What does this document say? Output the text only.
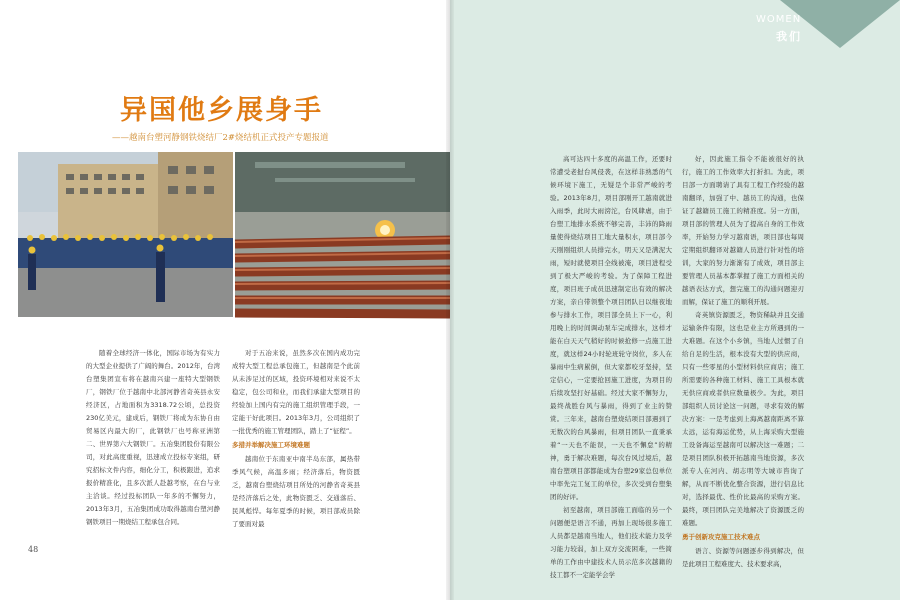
异国他乡展身手
——越南台塑河静钢铁烧结厂2#烧结机正式投产专题报道

随着全球经济一体化，国际市场为有实力的大型企业提供了广阔的舞台。2012年，台湾台塑集团宣布将在越南兴建一座特大型钢铁厂，钢铁厂位于越南中北部河静省奇英县永安经济区，占地面积为3318.72公顷，总投资230亿美元，建成后，钢铁厂将成为东协自由贸易区内最大的厂，此钢铁厂也号称亚洲第二、世界第六大钢铁厂。五冶集团股份有限公司，对此高度重视，迅速成立投标专案组，研究招标文件内容，细化分工，积极跟进，追求报价精准化，且多次派人赴越考察，在台与业主洽谈。经过投标团队一年多的不懈努力，2013年3月，五冶集团成功取得越南台塑河静钢铁项目一期烧结工程承包合同。

对于五冶来说，虽然多次在国内成功完成特大型工程总承包施工，但越南是个此前从未涉足过的区域，投资环境相对来说不太稳定，包公司和业，而我们承建大型项目的经验加上国内有完的施工组织管理手段，一定能干好此项目。2013年3月，公司组织了一批优秀的施工管理团队，踏上了“征程”。

多措并举解决施工环境难题

越南位于东南亚中南半岛东部，属热带季风气候，高温多雨；经济落后，物资匮乏，越南台塑烧结项目所处的河静省奇英县是经济落后之处，此物资匮乏、交通落后、民风彪悍。每年夏季的时候，项目部成员除了要面对最

48

高可达四十多度的高温工作，还要时常遭受老挝台风侵袭，在这样非熟悉的气候环境下施工，无疑是个非常严峻的考验。2013年8月，项目部刚开工越南就进入雨季，此时大雨滂沱，台风肆虐，由于台塑工地排水系统不够完善，丰沛的降雨量使得烧结项目工地大量积水，项目部今天刚刚组织人员排完水，明天又是满泥大雨，短时就使项目全线被淹，项目进程受到了极大严峻的考验。为了保障工程进度，项目班子成员迅速制定出有效的解决方案，亲自带领整个项目团队日以继夜地参与排水工作，项目部全员上下一心，利用晚上的时间调动泵车完成排水，这样才能在白天天气稍好的时候抢修一点施工进度，就这样24小时轮班轮守岗位，多人在暴雨中生病累倒，但大家都咬牙坚持，坚定信心，一定要抢回施工进度，为项目的后续攻坚打好基础。经过大家不懈努力，最终战胜台风与暴雨，得到了业主的赞赏。三年来，越南台塑烧结项目部遇到了无数次的台风暴雨，但项目团队一直秉承着“一天也不能误，一天也不懈怠”的精神，勇于解决难题，每次台风过境后，越南台塑项目部都能成为台塑29家总包单位中率先完工复工的单位，多次受到台塑集团的好评。

初至越南，项目部施工面临的另一个问题便是语言不通，再加上现场很多施工人员都是越南当地人，他们技术能力及学习能力较弱，加上双方交流困难，一些简单的工作由中建技术人员示范多次越籍的技工都不一定能学会学

好，因此施工指令不能被很好的执行，施工的工作效率大打折扣。为此，项目部一方面聘请了具有工程工作经验的越南翻译，加强了中、越员工的沟通，也保证了越籍员工施工的精准度。另一方面，项目部的管理人员为了提高自身的工作效率，开始努力学习越南语，项目部也每周定期组织翻译对越籍人员进行针对性的培训，大家的努力渐渐有了成效，项目部主要管理人员基本都掌握了施工方面相关的越语表达方式，想完施工的沟通问题迎刃而解，保证了施工的顺利开展。

奇英镇资源匮乏，物资稀缺并且交通运输条件有限，这也是业主方所遇到的一大难题。在这个小乡镇，当地人过惯了自给自足的生活，根本没有大型的供应商，只有一些零星的小型材料供应商店；施工所需要的各种施工材料、施工工具根本就无供应商或者供应数量极少。为此，项目部组织人员讨论这一问题，寻求有效的解决方案：一是考虑到上海离越南距离不算太远，运有海运优势，从上海采购大型施工设备海运至越南可以解决这一难题；二是项目团队积极开拓越南当地资源，多次派专人在河内、胡志明等大城市咨询了解，从而不断优化整合资源，进行信息比对，选择最优、性价比最高的采购方案。最终，项目团队完美地解决了资源匮乏的难题。

勇于创新攻克施工技术难点

语言、资源等问题逐步得到解决，但是此项目工程难度大、技术要求高，

WOMEN
我们
